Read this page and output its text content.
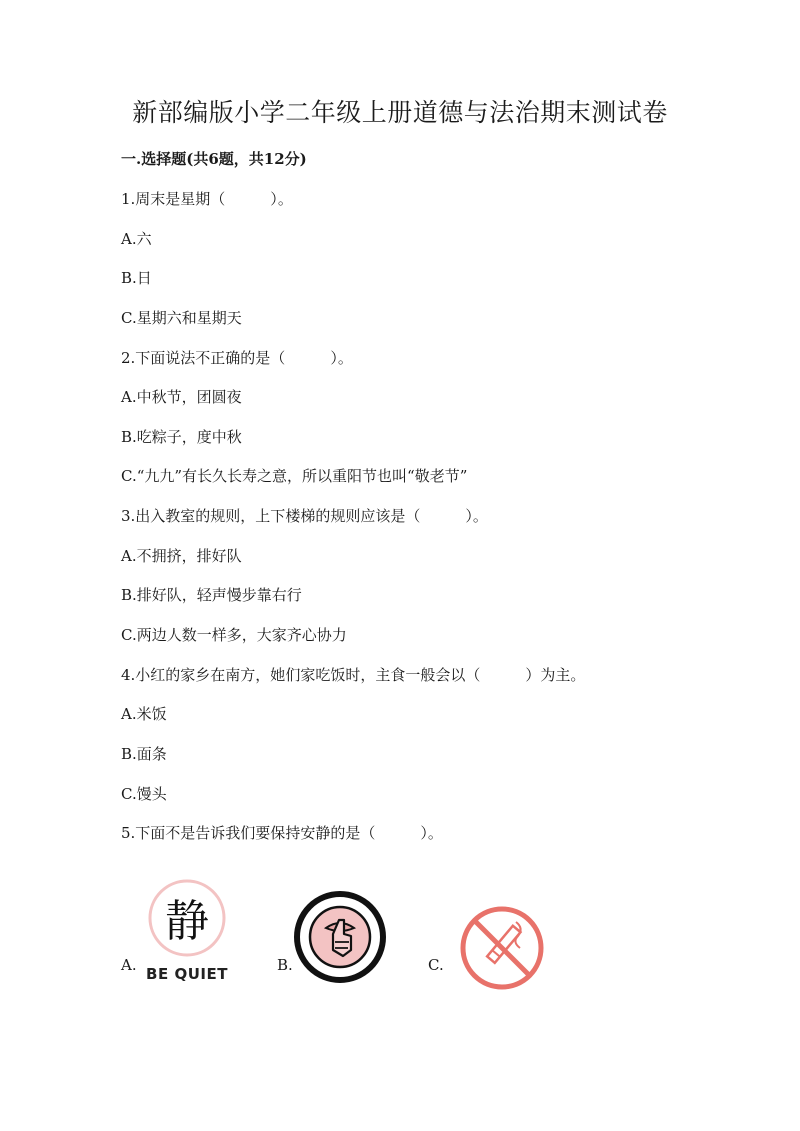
新部编版小学二年级上册道德与法治期末测试卷
一.选择题(共6题，共12分)
1.周末是星期（　　　）。
A.六
B.日
C.星期六和星期天
2.下面说法不正确的是（　　　）。
A.中秋节，团圆夜
B.吃粽子，度中秋
C.“九九”有长久长寿之意，所以重阳节也叫“敬老节”
3.出入教室的规则，上下楼梯的规则应该是（　　　）。
A.不拥挤，排好队
B.排好队，轻声慢步靠右行
C.两边人数一样多，大家齐心协力
4.小红的家乡在南方，她们家吃饭时，主食一般会以（　　　）为主。
A.米饭
B.面条
C.馒头
5.下面不是告诉我们要保持安静的是（　　　）。
A.
静
BE QUIET	B.	C.
